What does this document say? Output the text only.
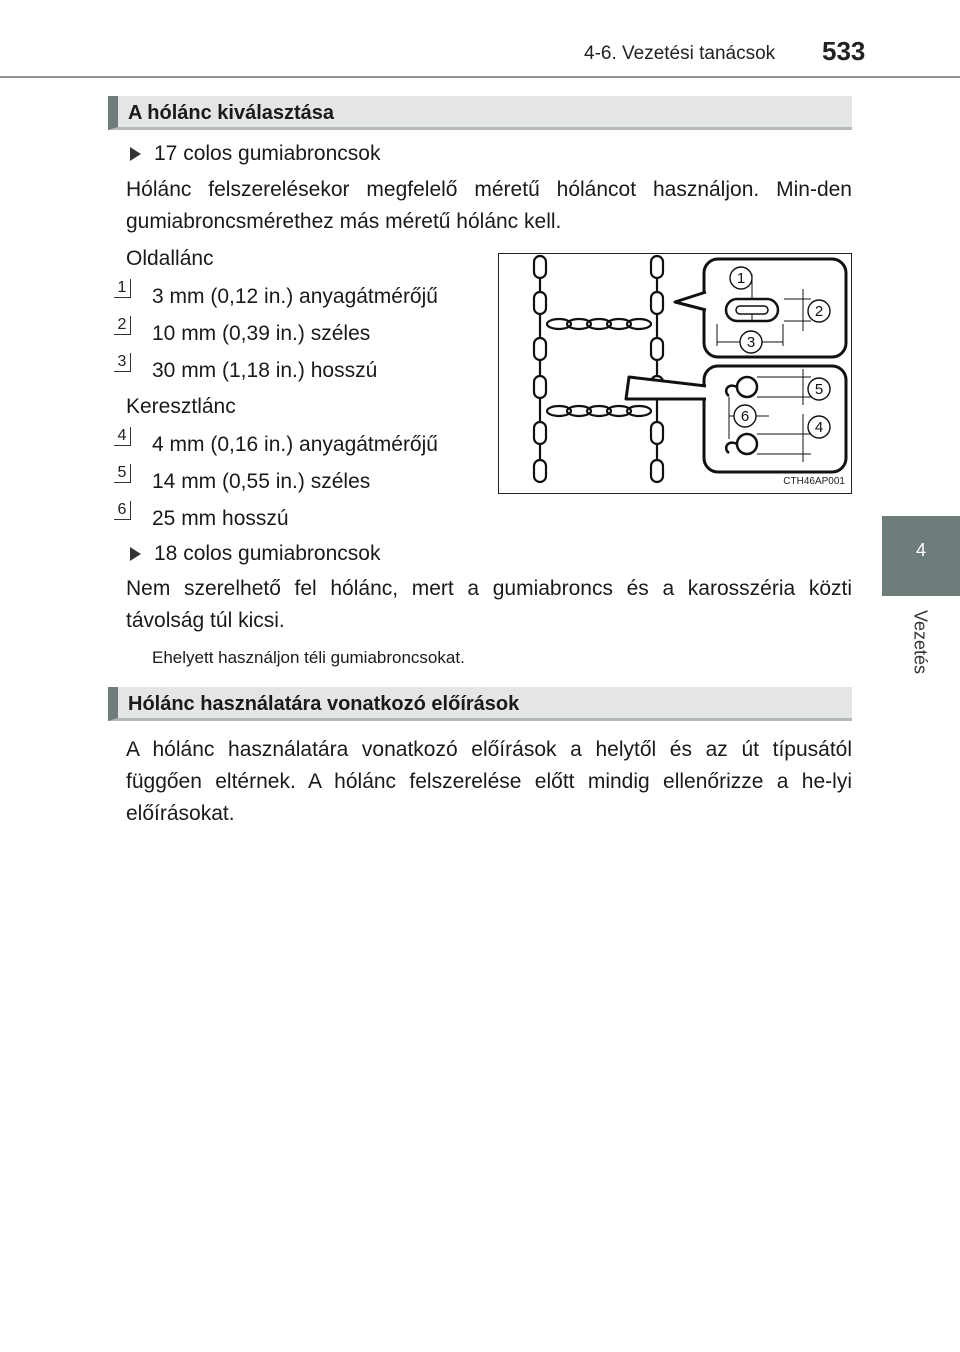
4-6. Vezetési tanácsok 533
4
Vezetés
A hólánc kiválasztása
17 colos gumiabroncsok
Hólánc felszerelésekor megfelelő méretű hóláncot használjon. Min-den gumiabroncsmérethez más méretű hólánc kell.
Oldallánc
1 3 mm (0,12 in.) anyagátmérőjű
2 10 mm (0,39 in.) széles
3 30 mm (1,18 in.) hosszú
Keresztlánc
4 4 mm (0,16 in.) anyagátmérőjű
5 14 mm (0,55 in.) széles
6 25 mm hosszú
1
2
3
4
5
6
CTH46AP001
18 colos gumiabroncsok
Nem szerelhető fel hólánc, mert a gumiabroncs és a karosszéria közti távolság túl kicsi.
Ehelyett használjon téli gumiabroncsokat.
Hólánc használatára vonatkozó előírások
A hólánc használatára vonatkozó előírások a helytől és az út típusától függően eltérnek. A hólánc felszerelése előtt mindig ellenőrizze a he-lyi előírásokat.
